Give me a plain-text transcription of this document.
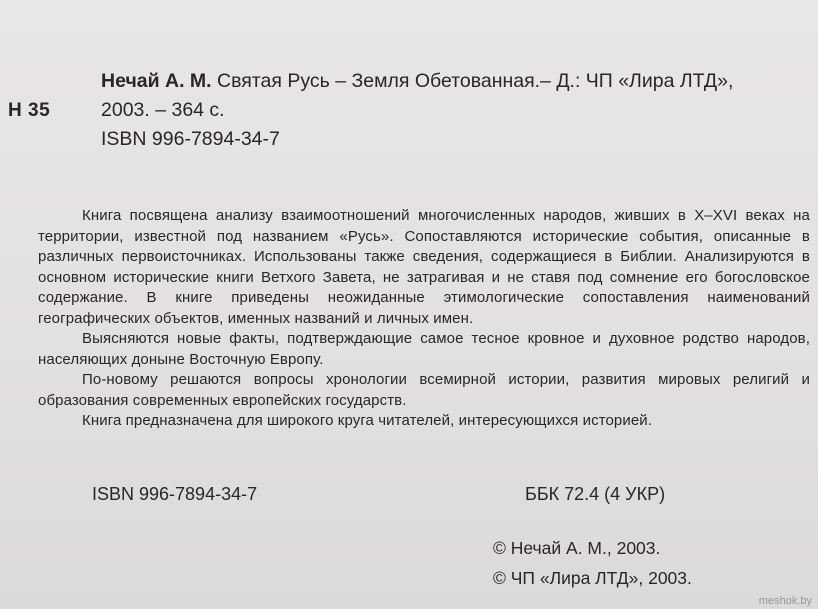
Н 35
Нечай А. М. Святая Русь – Земля Обетованная.– Д.: ЧП «Лира ЛТД»,
2003. – 364 с.
ISBN 996-7894-34-7

Книга посвящена анализу взаимоотношений многочисленных народов, живших в X–XVI веках на территории, известной под названием «Русь». Сопоставляются исторические события, описанные в различных первоисточниках. Использованы также сведения, содержащиеся в Библии. Анализируются в основном исторические книги Ветхого Завета, не затрагивая и не ставя под сомнение его богословское содержание. В книге приведены неожиданные этимологические сопоставления наименований географических объектов, именных названий и личных имен.

Выясняются новые факты, подтверждающие самое тесное кровное и духовное родство народов, населяющих доныне Восточную Европу.

По-новому решаются вопросы хронологии всемирной истории, развития мировых религий и образования современных европейских государств.

Книга предназначена для широкого круга читателей, интересующихся историей.

ISBN 996-7894-34-7	ББК 72.4 (4 УКР)
© Нечай А. М., 2003.
© ЧП «Лира ЛТД», 2003.
meshok.by
